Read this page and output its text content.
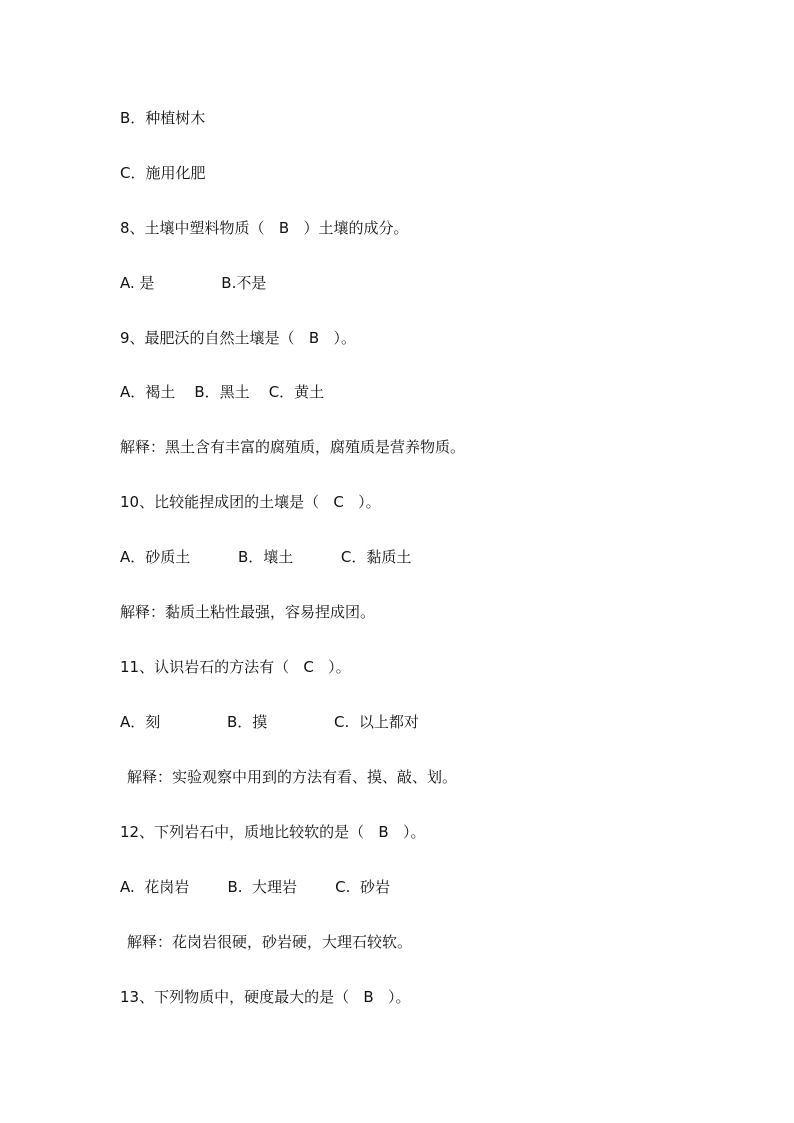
B．种植树木
C．施用化肥
8、土壤中塑料物质（   B   ）土壤的成分。
A. 是              B.不是
9、最肥沃的自然土壤是（   B   ）。
A．褐土    B．黑土    C．黄土
解释：黑土含有丰富的腐殖质，腐殖质是营养物质。
10、比较能捏成团的土壤是（   C   ）。
A．砂质土          B．壤土          C．黏质土
解释：黏质土粘性最强，容易捏成团。
11、认识岩石的方法有（   C   ）。
A．刻              B．摸              C.  以上都对
解释：实验观察中用到的方法有看、摸、敲、划。
12、下列岩石中，质地比较软的是（   B   ）。
A.  花岗岩        B.  大理岩        C.  砂岩
解释：花岗岩很硬，砂岩硬，大理石较软。
13、下列物质中，硬度最大的是（   B   ）。
